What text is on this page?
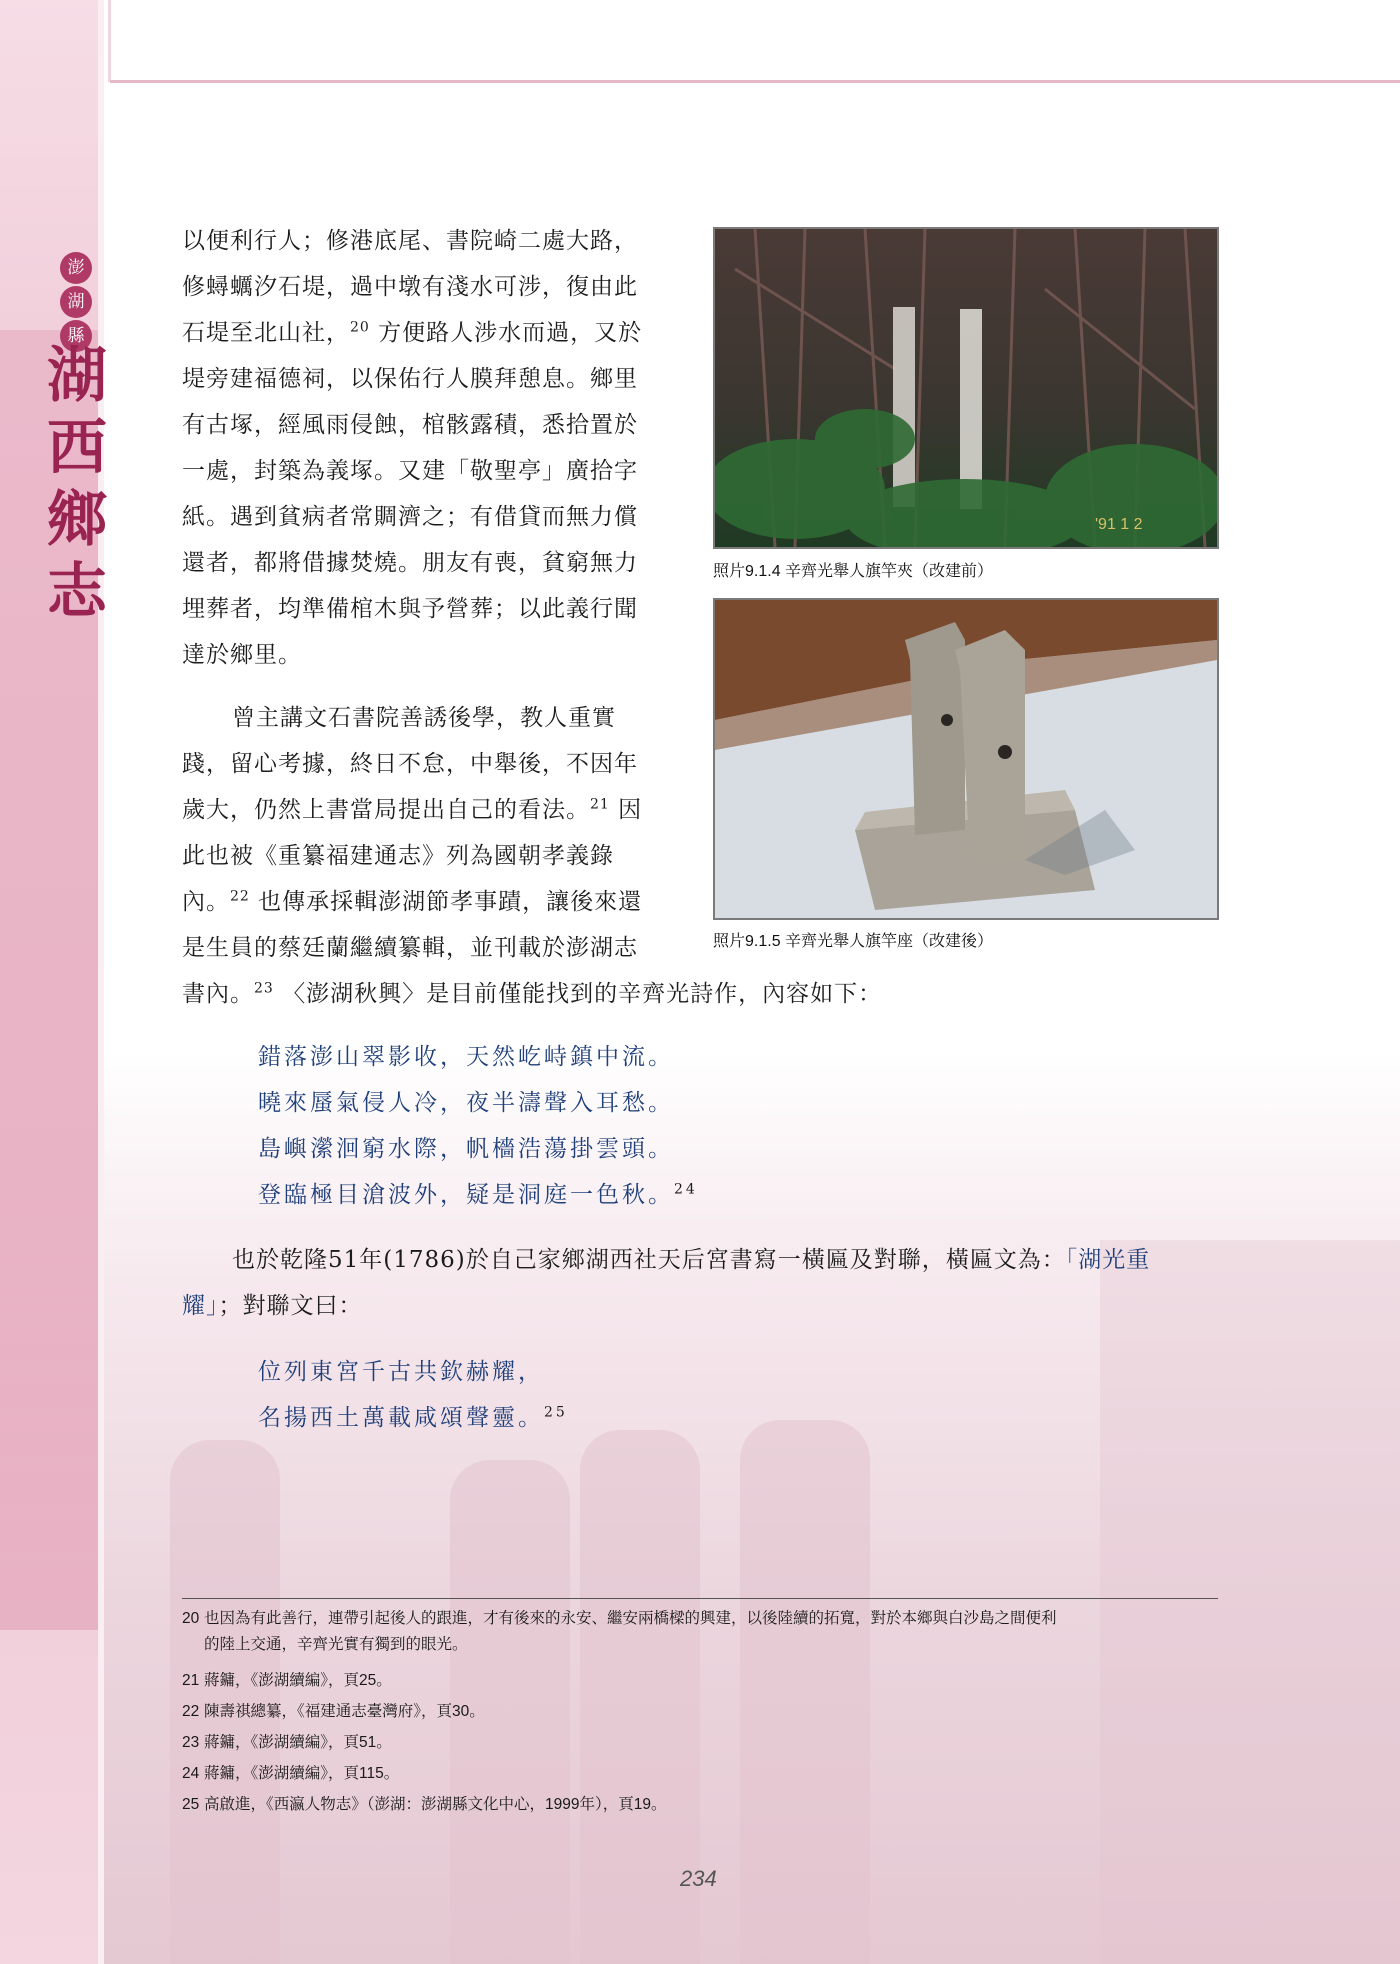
澎
湖
縣
湖
西
鄉
志
以便利行人；修港底尾、書院崎二處大路，
修蟳蠣汐石堤，過中墩有淺水可涉，復由此
石堤至北山社，$^{20}$ 方便路人涉水而過，又於
堤旁建福德祠，以保佑行人膜拜憩息。鄉里
有古塚，經風雨侵蝕，棺骸露積，悉拾置於
一處，封築為義塚。又建「敬聖亭」廣拾字
紙。遇到貧病者常賙濟之；有借貸而無力償
還者，都將借據焚燒。朋友有喪，貧窮無力
埋葬者，均準備棺木與予營葬；以此義行聞
達於鄉里。
曾主講文石書院善誘後學，教人重實
踐，留心考據，終日不怠，中舉後，不因年
歲大，仍然上書當局提出自己的看法。$^{21}$ 因
此也被《重纂福建通志》列為國朝孝義錄
內。$^{22}$ 也傳承採輯澎湖節孝事蹟，讓後來還
是生員的蔡廷蘭繼續纂輯，並刊載於澎湖志
書內。$^{23}$ 〈澎湖秋興〉是目前僅能找到的辛齊光詩作，內容如下：
'91 1 2
照片9.1.4 辛齊光舉人旗竿夾（改建前）
照片9.1.5 辛齊光舉人旗竿座（改建後）
錯落澎山翠影收，天然屹峙鎮中流。
曉來蜃氣侵人冷，夜半濤聲入耳愁。
島嶼瀠洄窮水際，帆檣浩蕩掛雲頭。
登臨極目滄波外，疑是洞庭一色秋。$^{24}$
也於乾隆51年(1786)於自己家鄉湖西社天后宮書寫一橫匾及對聯，橫匾文為：「湖光重
耀」；對聯文曰：
位列東宮千古共欽赫耀，
名揚西土萬載咸頌聲靈。$^{25}$
20 也因為有此善行，連帶引起後人的跟進，才有後來的永安、繼安兩橋樑的興建，以後陸續的拓寬，對於本鄉與白沙島之間便利
的陸上交通，辛齊光實有獨到的眼光。
21 蔣鏞，《澎湖續編》，頁25。
22 陳壽祺總纂，《福建通志臺灣府》，頁30。
23 蔣鏞，《澎湖續編》，頁51。
24 蔣鏞，《澎湖續編》，頁115。
25 高啟進，《西瀛人物志》（澎湖：澎湖縣文化中心，1999年），頁19。
234
